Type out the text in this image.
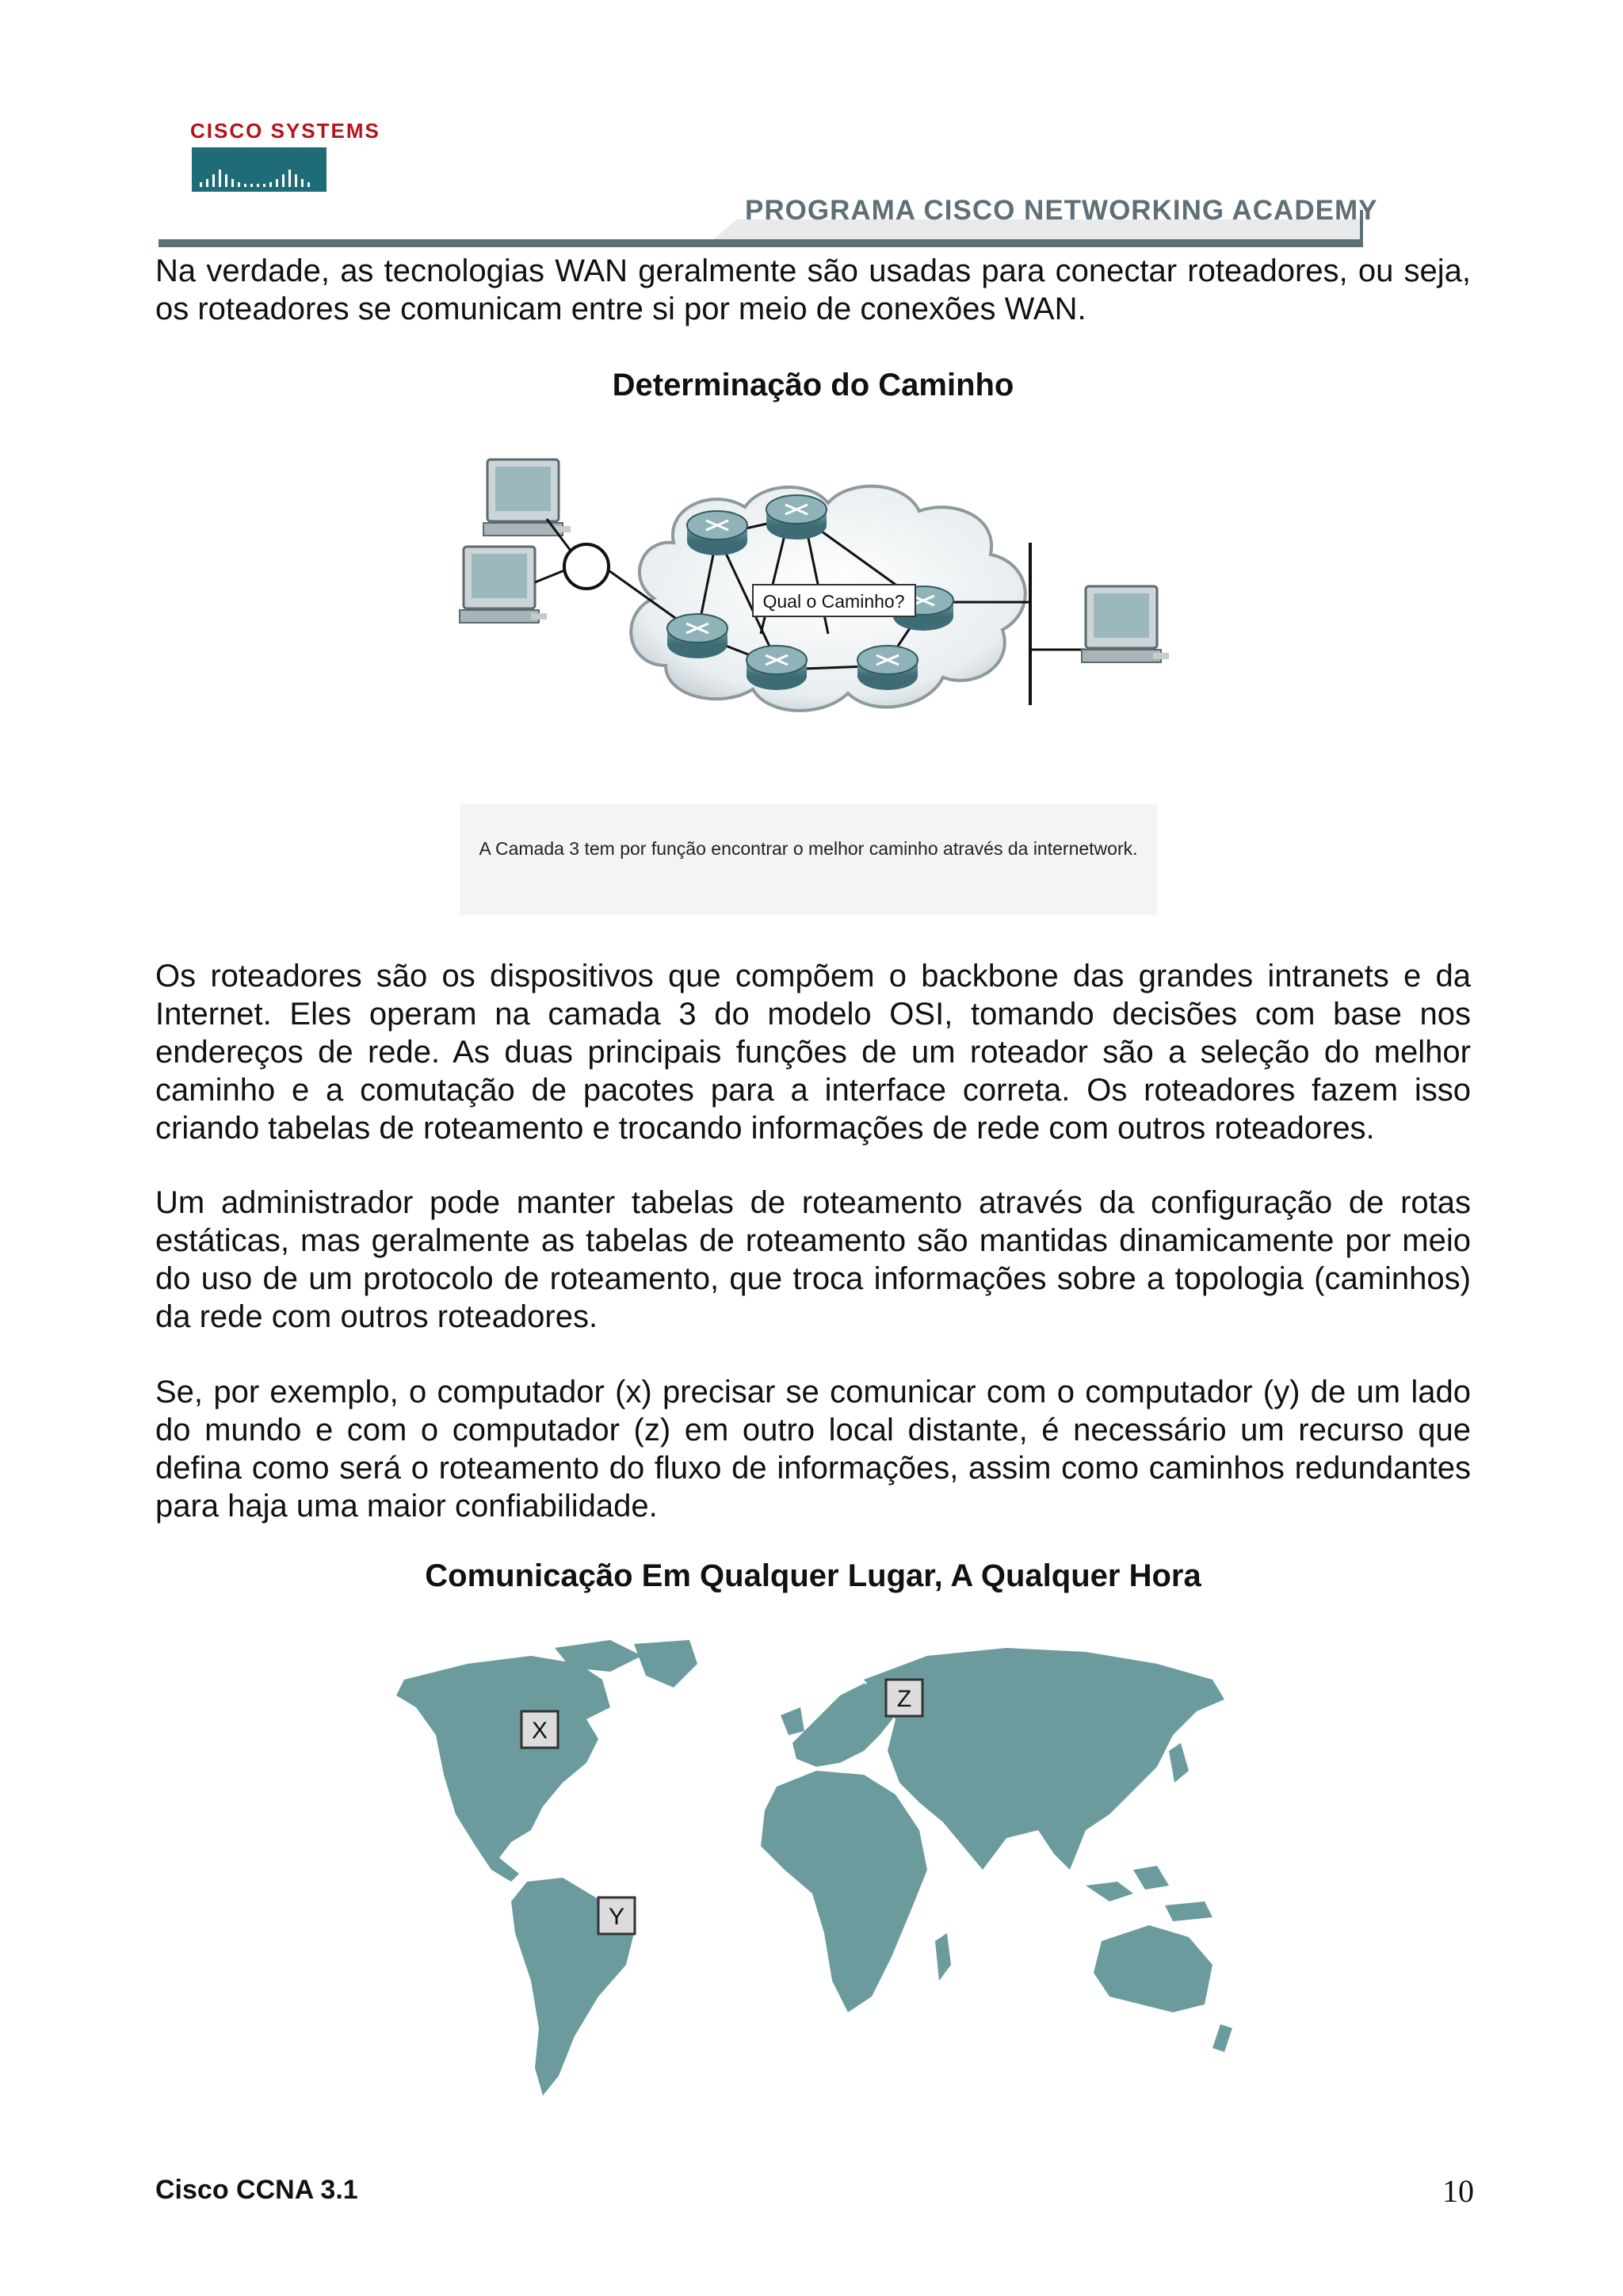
CISCO SYSTEMS
PROGRAMA CISCO NETWORKING ACADEMY

Na verdade, as tecnologias WAN geralmente são usadas para conectar roteadores, ou seja, os roteadores se comunicam entre si por meio de conexões WAN.

Determinação do Caminho

Qual o Caminho?

A Camada 3 tem por função encontrar o melhor caminho através da internetwork.

Os roteadores são os dispositivos que compõem o backbone das grandes intranets e da Internet. Eles operam na camada 3 do modelo OSI, tomando decisões com base nos endereços de rede. As duas principais funções de um roteador são a seleção do melhor caminho e a comutação de pacotes para a interface correta. Os roteadores fazem isso criando tabelas de roteamento e trocando informações de rede com outros roteadores.

Um administrador pode manter tabelas de roteamento através da configuração de rotas estáticas, mas geralmente as tabelas de roteamento são mantidas dinamicamente por meio do uso de um protocolo de roteamento, que troca informações sobre a topologia (caminhos) da rede com outros roteadores.

Se, por exemplo, o computador (x) precisar se comunicar com o computador (y) de um lado do mundo e com o computador (z) em outro local distante, é necessário um recurso que defina como será o roteamento do fluxo de informações, assim como caminhos redundantes para haja uma maior confiabilidade.

Comunicação Em Qualquer Lugar, A Qualquer Hora

X
Y
Z
Cisco CCNA 3.1	10
